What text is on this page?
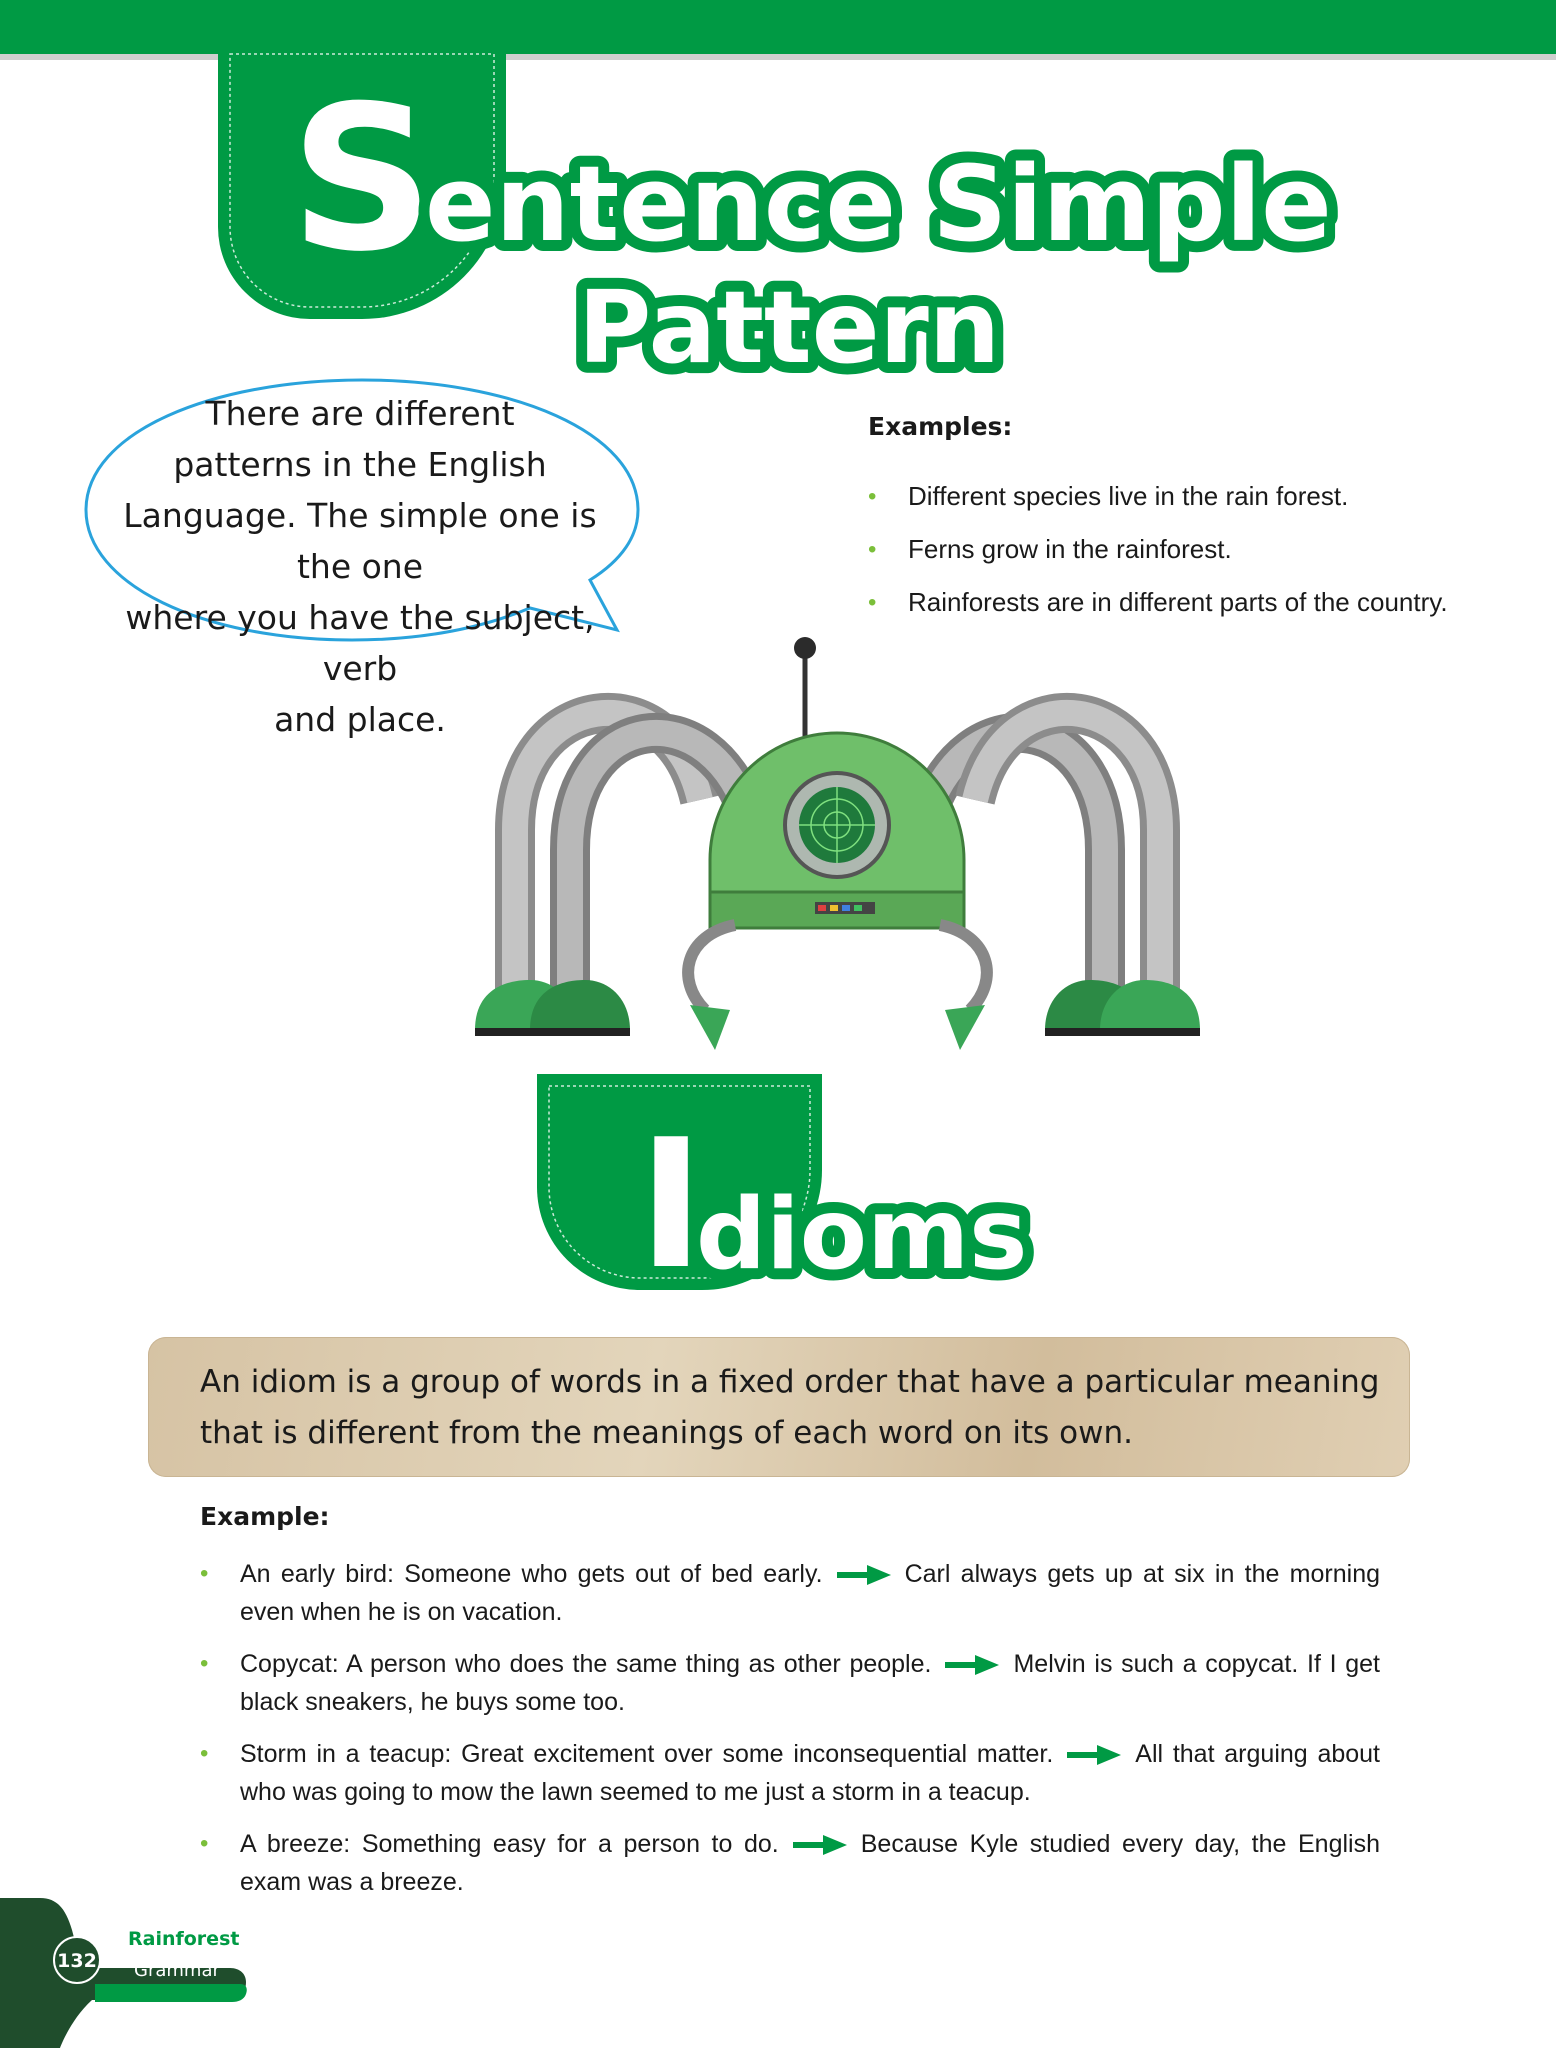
S
entence Simple
Pattern
There are different
patterns in the English
Language. The simple one is the one
where you have the subject, verb
and place.
Examples:
• Different species live in the rain forest.
• Ferns grow in the rainforest.
• Rainforests are in different parts of the country.
I
dioms
An idiom is a group of words in a fixed order that have a particular meaning that is different from the meanings of each word on its own.
Example:
• An early bird: Someone who gets out of bed early.	Carl always gets up at six in the morning even when he is on vacation.
• Copycat: A person who does the same thing as other people.	Melvin is such a copycat. If I get black sneakers, he buys some too.
• Storm in a teacup: Great excitement over some inconsequential matter.	All that arguing about who was going to mow the lawn seemed to me just a storm in a teacup.
• A breeze: Something easy for a person to do.	Because Kyle studied every day, the English exam was a breeze.
132
Rainforest
Grammar
